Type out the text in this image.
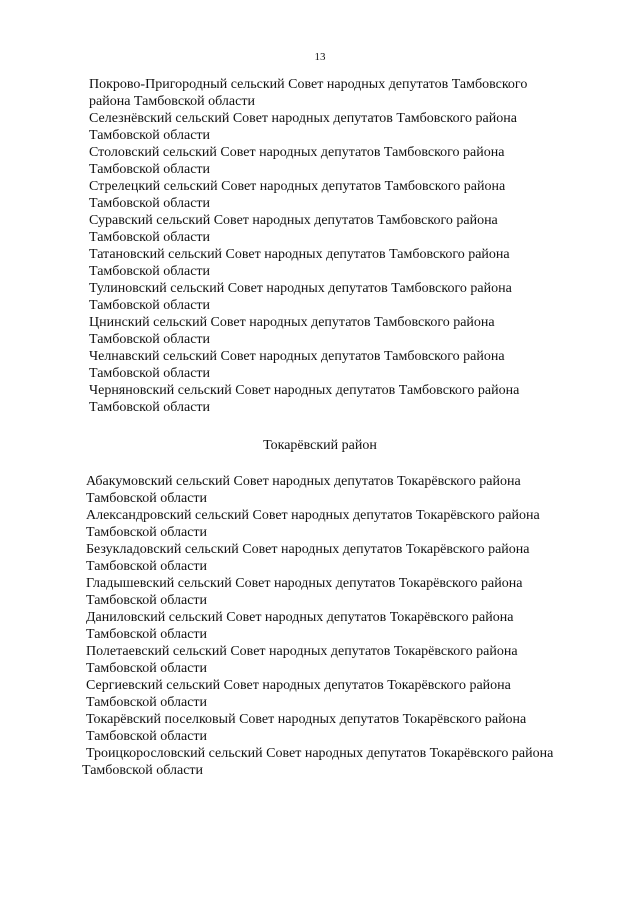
13
Покрово-Пригородный сельский Совет народных депутатов Тамбовского
района Тамбовской области
Селезнёвский сельский Совет народных депутатов Тамбовского района
Тамбовской области
Столовский сельский Совет народных депутатов Тамбовского района
Тамбовской области
Стрелецкий сельский Совет народных депутатов Тамбовского района
Тамбовской области
Суравский сельский Совет народных депутатов Тамбовского района
Тамбовской области
Татановский сельский Совет народных депутатов Тамбовского района
Тамбовской области
Тулиновский сельский Совет народных депутатов Тамбовского района
Тамбовской области
Цнинский сельский Совет народных депутатов Тамбовского района
Тамбовской области
Челнавский сельский Совет народных депутатов Тамбовского района
Тамбовской области
Черняновский сельский Совет народных депутатов Тамбовского района
Тамбовской области
Токарёвский район
Абакумовский сельский Совет народных депутатов Токарёвского района
Тамбовской области
Александровский сельский Совет народных депутатов Токарёвского района
Тамбовской области
Безукладовский сельский Совет народных депутатов Токарёвского района
Тамбовской области
Гладышевский сельский Совет народных депутатов Токарёвского района
Тамбовской области
Даниловский сельский Совет народных депутатов Токарёвского района
Тамбовской области
Полетаевский сельский Совет народных депутатов Токарёвского района
Тамбовской области
Сергиевский сельский Совет народных депутатов Токарёвского района
Тамбовской области
Токарёвский поселковый Совет народных депутатов Токарёвского района
Тамбовской области
Троицкорословский сельский Совет народных депутатов Токарёвского района
Тамбовской области
